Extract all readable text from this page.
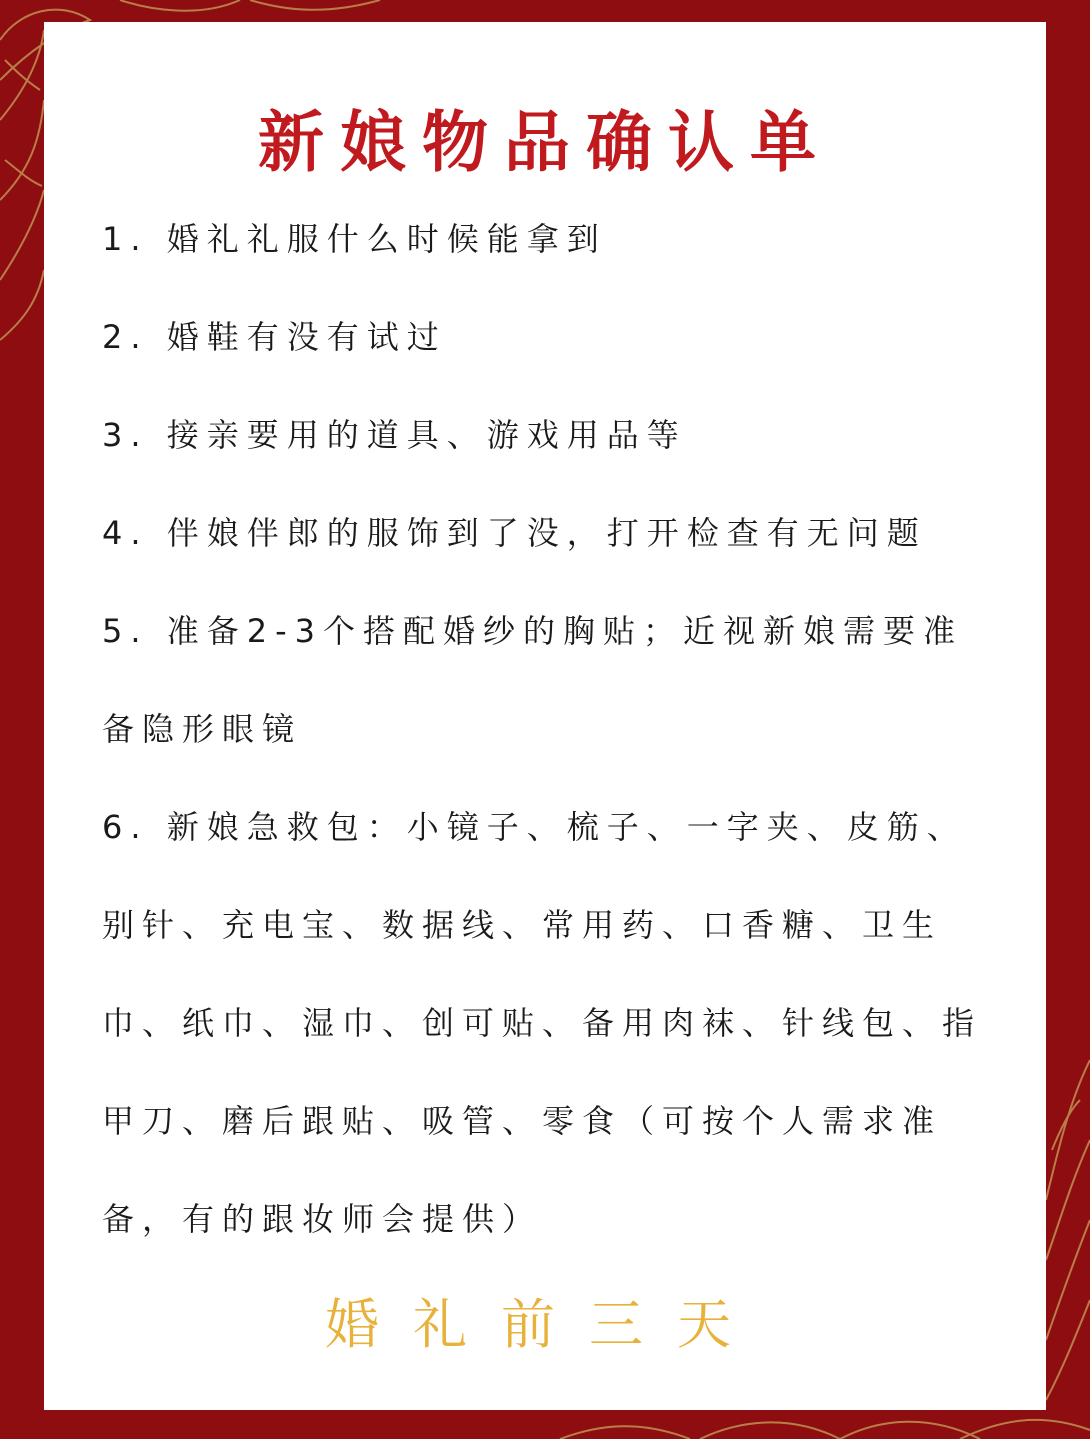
新娘物品确认单
1. 婚礼礼服什么时候能拿到
2. 婚鞋有没有试过
3. 接亲要用的道具、游戏用品等
4. 伴娘伴郎的服饰到了没，打开检查有无问题
5. 准备2-3个搭配婚纱的胸贴；近视新娘需要准备隐形眼镜
6. 新娘急救包：小镜子、梳子、一字夹、皮筋、别针、充电宝、数据线、常用药、口香糖、卫生巾、纸巾、湿巾、创可贴、备用肉袜、针线包、指甲刀、磨后跟贴、吸管、零食（可按个人需求准备，有的跟妆师会提供）
婚礼前三天
